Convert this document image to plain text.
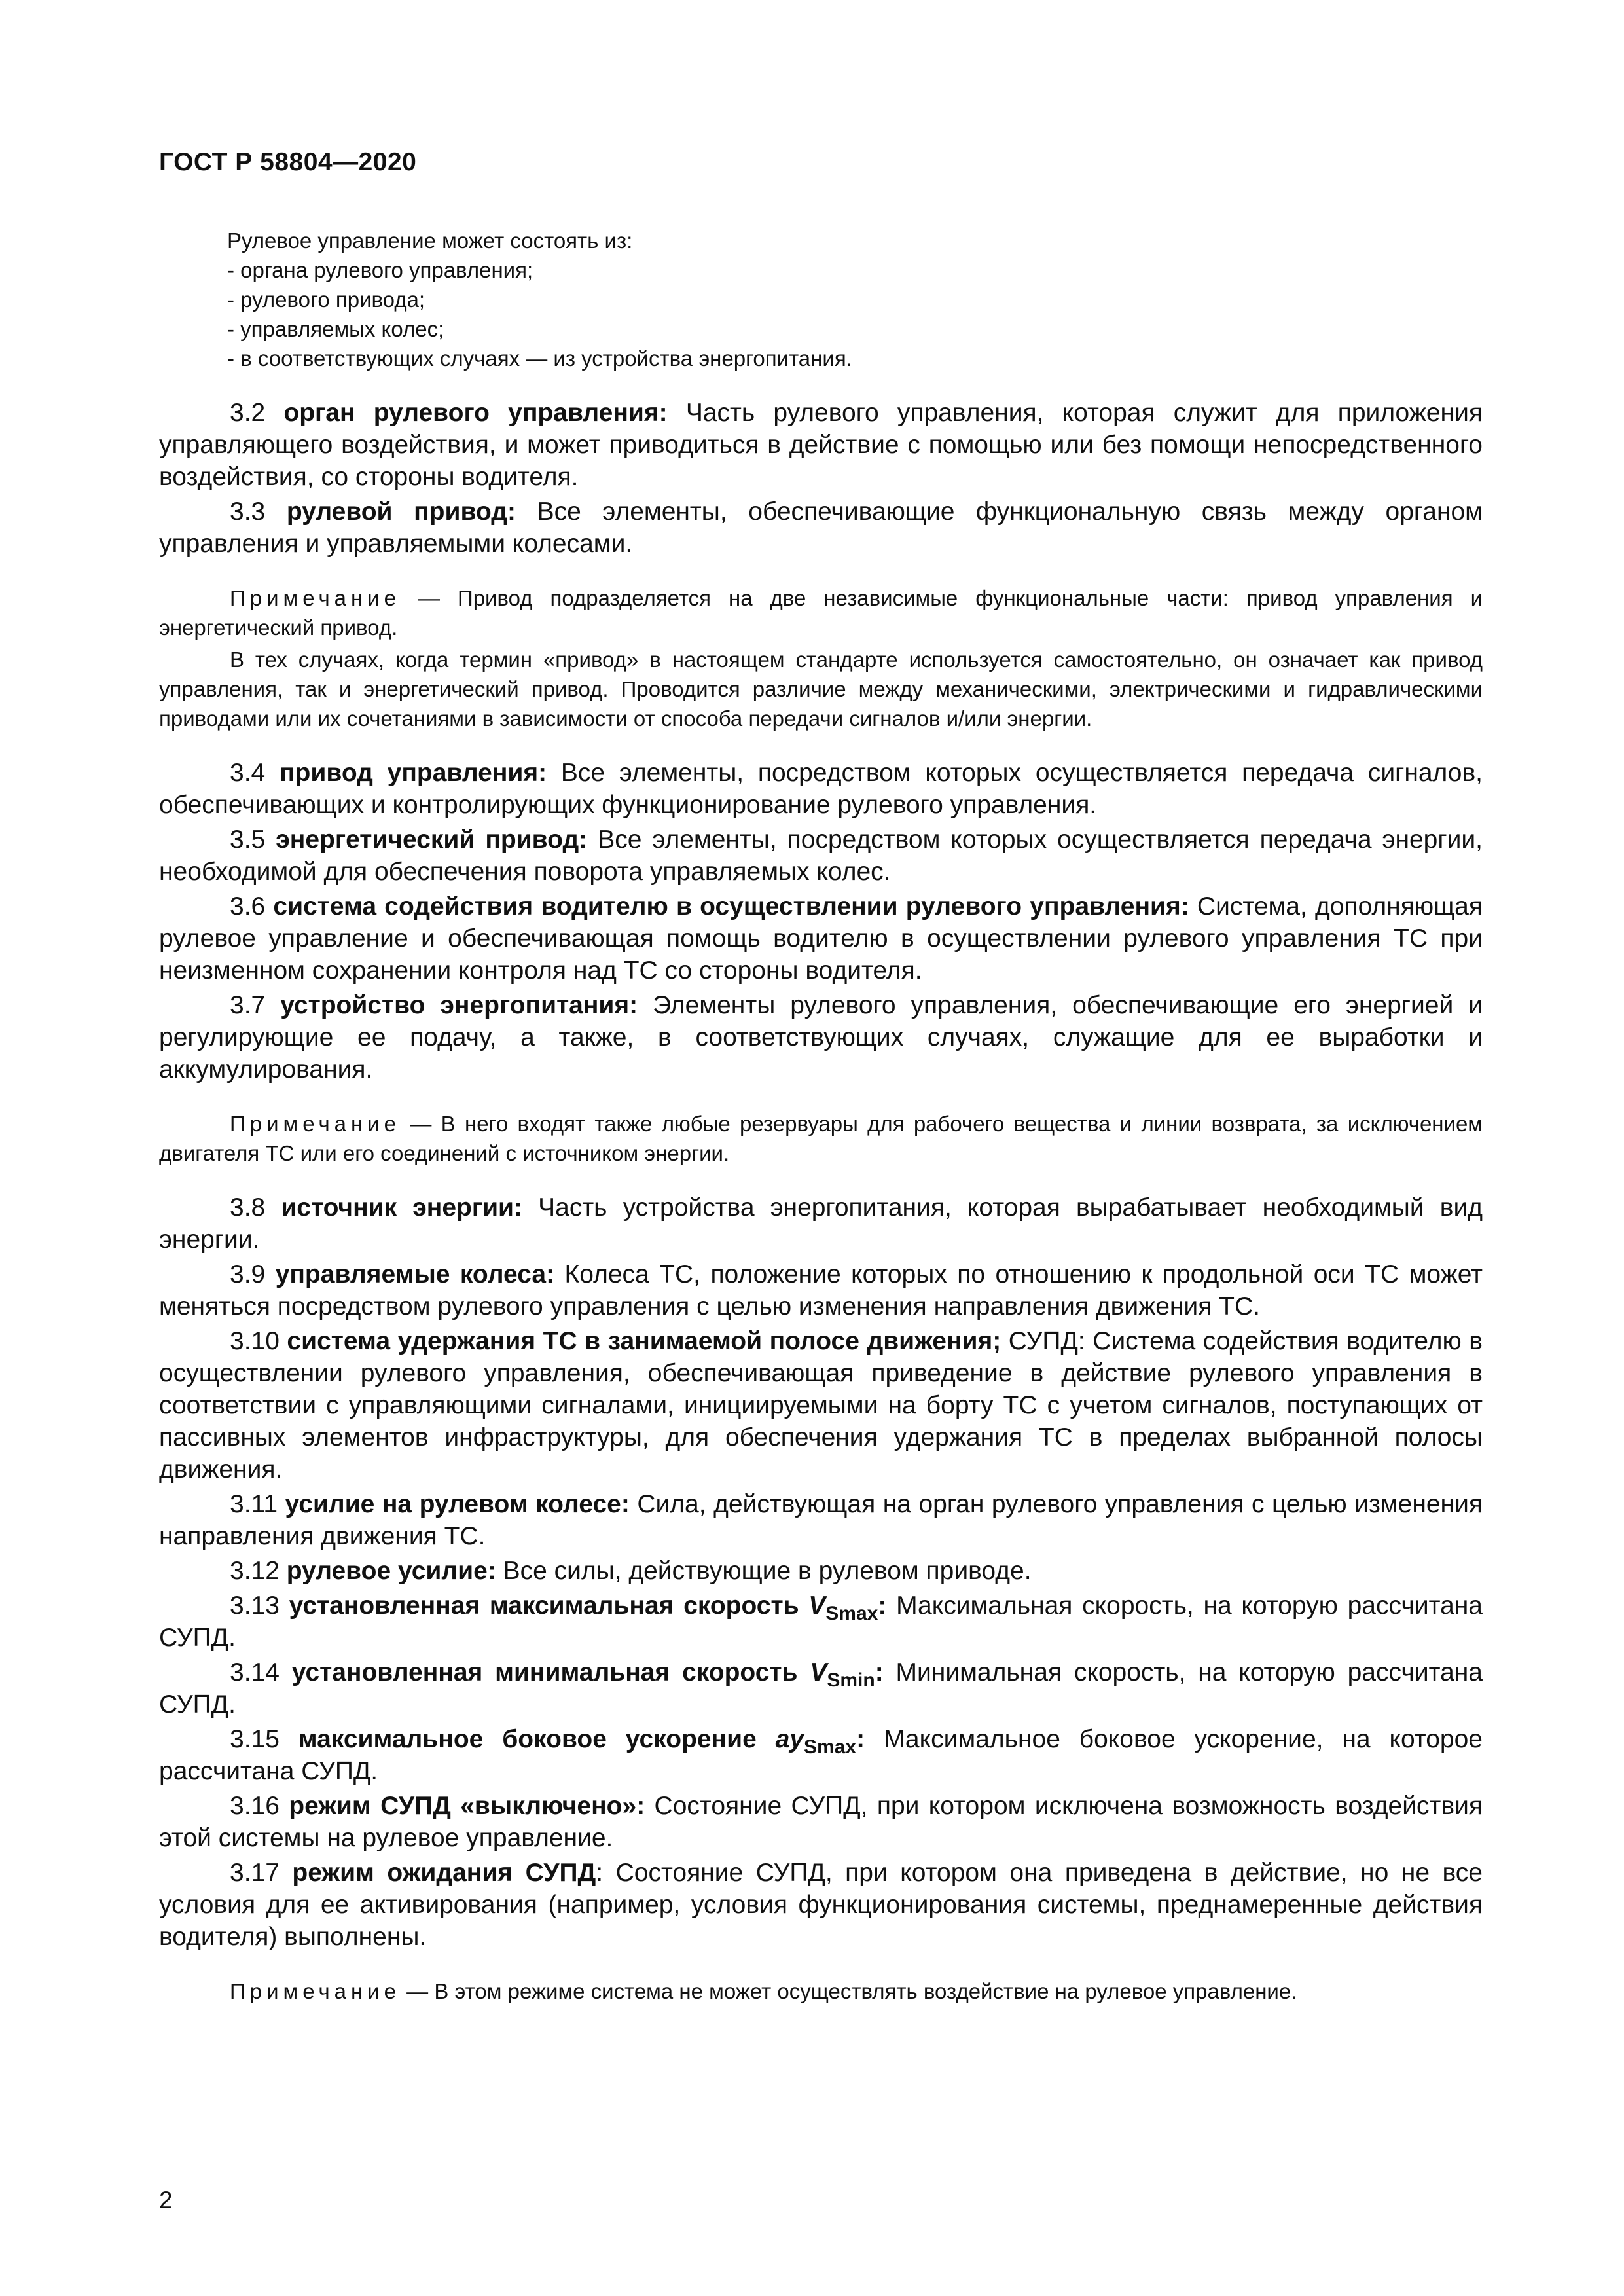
ГОСТ Р 58804—2020
Рулевое управление может состоять из:
- органа рулевого управления;
- рулевого привода;
- управляемых колес;
- в соответствующих случаях — из устройства энергопитания.

3.2 орган рулевого управления: Часть рулевого управления, которая служит для приложения управляющего воздействия, и может приводиться в действие с помощью или без помощи непосредственного воздействия, со стороны водителя.

3.3 рулевой привод: Все элементы, обеспечивающие функциональную связь между органом управления и управляемыми колесами.

Примечание — Привод подразделяется на две независимые функциональные части: привод управления и энергетический привод.

В тех случаях, когда термин «привод» в настоящем стандарте используется самостоятельно, он означает как привод управления, так и энергетический привод. Проводится различие между механическими, электрическими и гидравлическими приводами или их сочетаниями в зависимости от способа передачи сигналов и/или энергии.

3.4 привод управления: Все элементы, посредством которых осуществляется передача сигналов, обеспечивающих и контролирующих функционирование рулевого управления.

3.5 энергетический привод: Все элементы, посредством которых осуществляется передача энергии, необходимой для обеспечения поворота управляемых колес.

3.6 система содействия водителю в осуществлении рулевого управления: Система, дополняющая рулевое управление и обеспечивающая помощь водителю в осуществлении рулевого управления ТС при неизменном сохранении контроля над ТС со стороны водителя.

3.7 устройство энергопитания: Элементы рулевого управления, обеспечивающие его энергией и регулирующие ее подачу, а также, в соответствующих случаях, служащие для ее выработки и аккумулирования.

Примечание — В него входят также любые резервуары для рабочего вещества и линии возврата, за исключением двигателя ТС или его соединений с источником энергии.

3.8 источник энергии: Часть устройства энергопитания, которая вырабатывает необходимый вид энергии.

3.9 управляемые колеса: Колеса ТС, положение которых по отношению к продольной оси ТС может меняться посредством рулевого управления с целью изменения направления движения ТС.

3.10 система удержания ТС в занимаемой полосе движения; СУПД: Система содействия водителю в осуществлении рулевого управления, обеспечивающая приведение в действие рулевого управления в соответствии с управляющими сигналами, инициируемыми на борту ТС с учетом сигналов, поступающих от пассивных элементов инфраструктуры, для обеспечения удержания ТС в пределах выбранной полосы движения.

3.11 усилие на рулевом колесе: Сила, действующая на орган рулевого управления с целью изменения направления движения ТС.

3.12 рулевое усилие: Все силы, действующие в рулевом приводе.

3.13 установленная максимальная скорость $V_{Smax}$: Максимальная скорость, на которую рассчитана СУПД.

3.14 установленная минимальная скорость $V_{Smin}$: Минимальная скорость, на которую рассчитана СУПД.

3.15 максимальное боковое ускорение $ay_{Smax}$: Максимальное боковое ускорение, на которое рассчитана СУПД.

3.16 режим СУПД «выключено»: Состояние СУПД, при котором исключена возможность воздействия этой системы на рулевое управление.

3.17 режим ожидания СУПД: Состояние СУПД, при котором она приведена в действие, но не все условия для ее активирования (например, условия функционирования системы, преднамеренные действия водителя) выполнены.

Примечание — В этом режиме система не может осуществлять воздействие на рулевое управление.

2
